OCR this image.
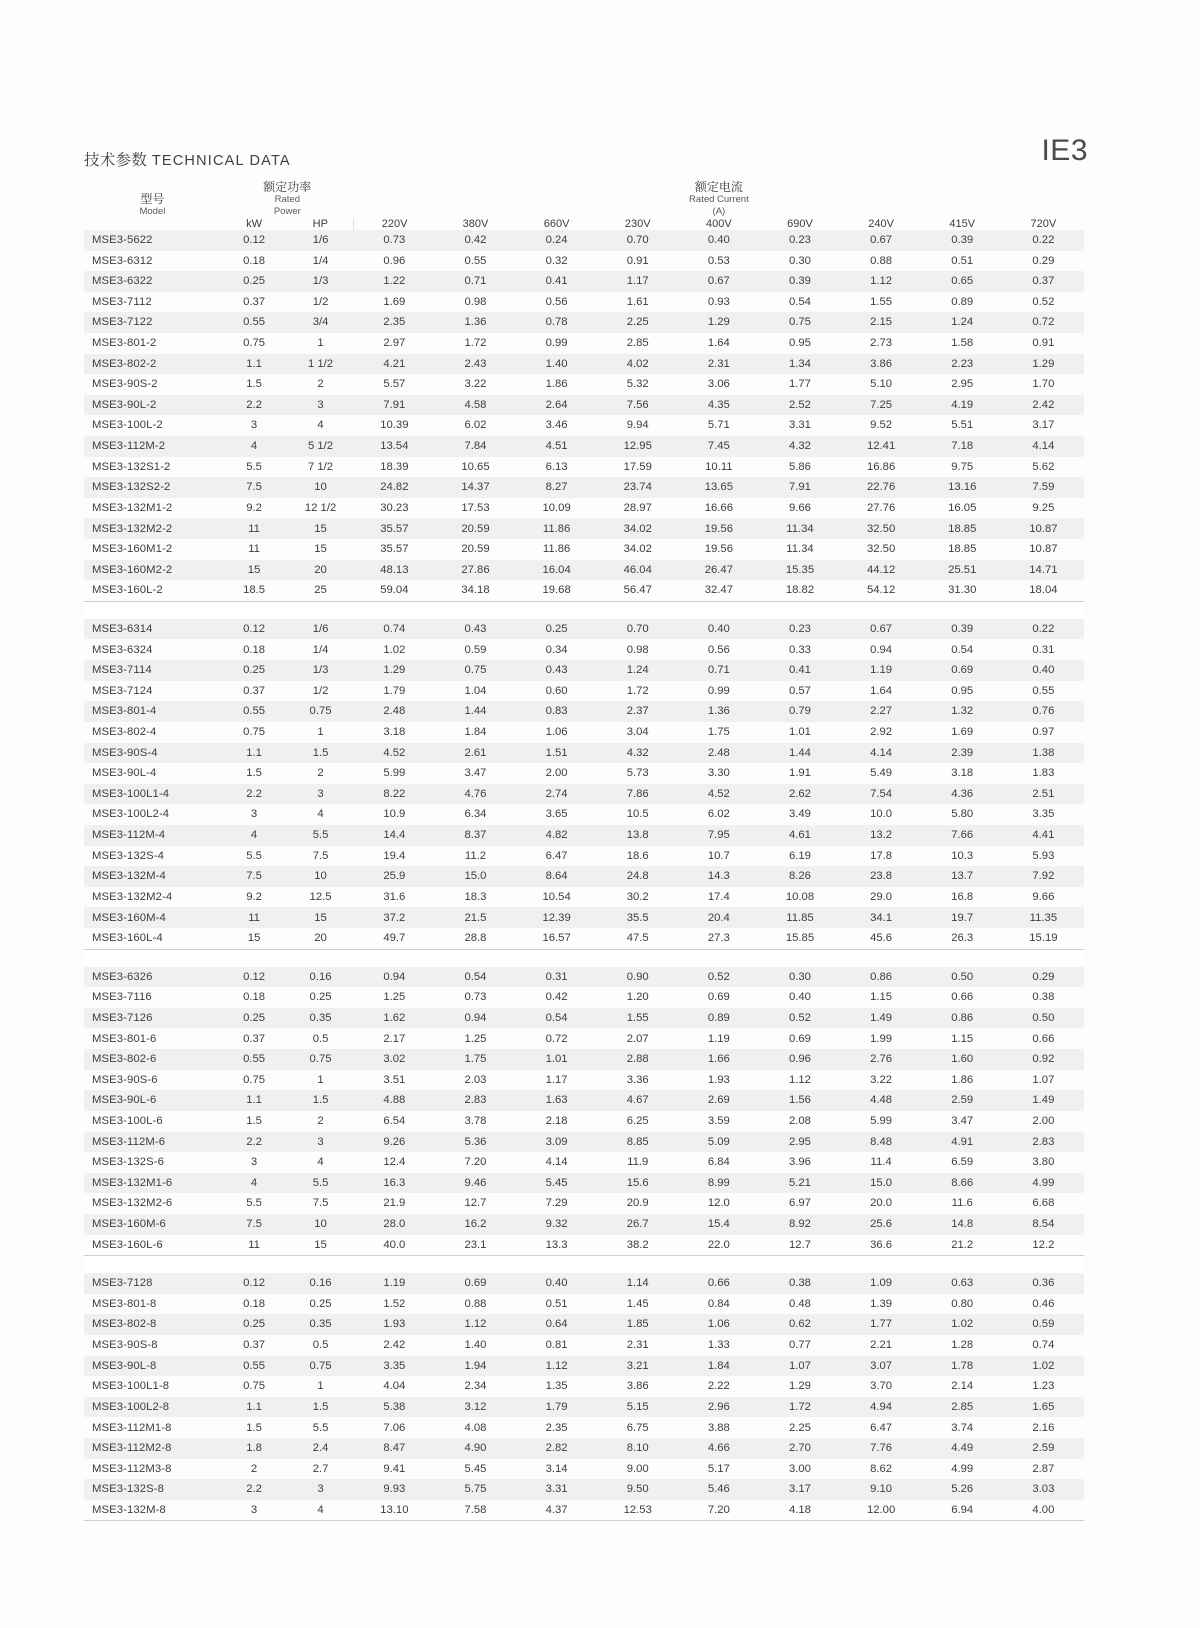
技术参数 TECHNICAL DATA	IE3
型号
Model	额定功率
Rated
Power		额定电流
Rated Current
(A)								

	kW	HP	220V	380V	660V	230V	400V	690V	240V	415V	720V
MSE3-5622	0.12	1/6	0.73	0.42	0.24	0.70	0.40	0.23	0.67	0.39	0.22
MSE3-6312	0.18	1/4	0.96	0.55	0.32	0.91	0.53	0.30	0.88	0.51	0.29
MSE3-6322	0.25	1/3	1.22	0.71	0.41	1.17	0.67	0.39	1.12	0.65	0.37
MSE3-7112	0.37	1/2	1.69	0.98	0.56	1.61	0.93	0.54	1.55	0.89	0.52
MSE3-7122	0.55	3/4	2.35	1.36	0.78	2.25	1.29	0.75	2.15	1.24	0.72
MSE3-801-2	0.75	1	2.97	1.72	0.99	2.85	1.64	0.95	2.73	1.58	0.91
MSE3-802-2	1.1	1 1/2	4.21	2.43	1.40	4.02	2.31	1.34	3.86	2.23	1.29
MSE3-90S-2	1.5	2	5.57	3.22	1.86	5.32	3.06	1.77	5.10	2.95	1.70
MSE3-90L-2	2.2	3	7.91	4.58	2.64	7.56	4.35	2.52	7.25	4.19	2.42
MSE3-100L-2	3	4	10.39	6.02	3.46	9.94	5.71	3.31	9.52	5.51	3.17
MSE3-112M-2	4	5 1/2	13.54	7.84	4.51	12.95	7.45	4.32	12.41	7.18	4.14
MSE3-132S1-2	5.5	7 1/2	18.39	10.65	6.13	17.59	10.11	5.86	16.86	9.75	5.62
MSE3-132S2-2	7.5	10	24.82	14.37	8.27	23.74	13.65	7.91	22.76	13.16	7.59
MSE3-132M1-2	9.2	12 1/2	30.23	17.53	10.09	28.97	16.66	9.66	27.76	16.05	9.25
MSE3-132M2-2	11	15	35.57	20.59	11.86	34.02	19.56	11.34	32.50	18.85	10.87
MSE3-160M1-2	11	15	35.57	20.59	11.86	34.02	19.56	11.34	32.50	18.85	10.87
MSE3-160M2-2	15	20	48.13	27.86	16.04	46.04	26.47	15.35	44.12	25.51	14.71
MSE3-160L-2	18.5	25	59.04	34.18	19.68	56.47	32.47	18.82	54.12	31.30	18.04

MSE3-6314	0.12	1/6	0.74	0.43	0.25	0.70	0.40	0.23	0.67	0.39	0.22
MSE3-6324	0.18	1/4	1.02	0.59	0.34	0.98	0.56	0.33	0.94	0.54	0.31
MSE3-7114	0.25	1/3	1.29	0.75	0.43	1.24	0.71	0.41	1.19	0.69	0.40
MSE3-7124	0.37	1/2	1.79	1.04	0.60	1.72	0.99	0.57	1.64	0.95	0.55
MSE3-801-4	0.55	0.75	2.48	1.44	0.83	2.37	1.36	0.79	2.27	1.32	0.76
MSE3-802-4	0.75	1	3.18	1.84	1.06	3.04	1.75	1.01	2.92	1.69	0.97
MSE3-90S-4	1.1	1.5	4.52	2.61	1.51	4.32	2.48	1.44	4.14	2.39	1.38
MSE3-90L-4	1.5	2	5.99	3.47	2.00	5.73	3.30	1.91	5.49	3.18	1.83
MSE3-100L1-4	2.2	3	8.22	4.76	2.74	7.86	4.52	2.62	7.54	4.36	2.51
MSE3-100L2-4	3	4	10.9	6.34	3.65	10.5	6.02	3.49	10.0	5.80	3.35
MSE3-112M-4	4	5.5	14.4	8.37	4.82	13.8	7.95	4.61	13.2	7.66	4.41
MSE3-132S-4	5.5	7.5	19.4	11.2	6.47	18.6	10.7	6.19	17.8	10.3	5.93
MSE3-132M-4	7.5	10	25.9	15.0	8.64	24.8	14.3	8.26	23.8	13.7	7.92
MSE3-132M2-4	9.2	12.5	31.6	18.3	10.54	30.2	17.4	10.08	29.0	16.8	9.66
MSE3-160M-4	11	15	37.2	21.5	12.39	35.5	20.4	11.85	34.1	19.7	11.35
MSE3-160L-4	15	20	49.7	28.8	16.57	47.5	27.3	15.85	45.6	26.3	15.19

MSE3-6326	0.12	0.16	0.94	0.54	0.31	0.90	0.52	0.30	0.86	0.50	0.29
MSE3-7116	0.18	0.25	1.25	0.73	0.42	1.20	0.69	0.40	1.15	0.66	0.38
MSE3-7126	0.25	0.35	1.62	0.94	0.54	1.55	0.89	0.52	1.49	0.86	0.50
MSE3-801-6	0.37	0.5	2.17	1.25	0.72	2.07	1.19	0.69	1.99	1.15	0.66
MSE3-802-6	0.55	0.75	3.02	1.75	1.01	2.88	1.66	0.96	2.76	1.60	0.92
MSE3-90S-6	0.75	1	3.51	2.03	1.17	3.36	1.93	1.12	3.22	1.86	1.07
MSE3-90L-6	1.1	1.5	4.88	2.83	1.63	4.67	2.69	1.56	4.48	2.59	1.49
MSE3-100L-6	1.5	2	6.54	3.78	2.18	6.25	3.59	2.08	5.99	3.47	2.00
MSE3-112M-6	2.2	3	9.26	5.36	3.09	8.85	5.09	2.95	8.48	4.91	2.83
MSE3-132S-6	3	4	12.4	7.20	4.14	11.9	6.84	3.96	11.4	6.59	3.80
MSE3-132M1-6	4	5.5	16.3	9.46	5.45	15.6	8.99	5.21	15.0	8.66	4.99
MSE3-132M2-6	5.5	7.5	21.9	12.7	7.29	20.9	12.0	6.97	20.0	11.6	6.68
MSE3-160M-6	7.5	10	28.0	16.2	9.32	26.7	15.4	8.92	25.6	14.8	8.54
MSE3-160L-6	11	15	40.0	23.1	13.3	38.2	22.0	12.7	36.6	21.2	12.2

MSE3-7128	0.12	0.16	1.19	0.69	0.40	1.14	0.66	0.38	1.09	0.63	0.36
MSE3-801-8	0.18	0.25	1.52	0.88	0.51	1.45	0.84	0.48	1.39	0.80	0.46
MSE3-802-8	0.25	0.35	1.93	1.12	0.64	1.85	1.06	0.62	1.77	1.02	0.59
MSE3-90S-8	0.37	0.5	2.42	1.40	0.81	2.31	1.33	0.77	2.21	1.28	0.74
MSE3-90L-8	0.55	0.75	3.35	1.94	1.12	3.21	1.84	1.07	3.07	1.78	1.02
MSE3-100L1-8	0.75	1	4.04	2.34	1.35	3.86	2.22	1.29	3.70	2.14	1.23
MSE3-100L2-8	1.1	1.5	5.38	3.12	1.79	5.15	2.96	1.72	4.94	2.85	1.65
MSE3-112M1-8	1.5	5.5	7.06	4.08	2.35	6.75	3.88	2.25	6.47	3.74	2.16
MSE3-112M2-8	1.8	2.4	8.47	4.90	2.82	8.10	4.66	2.70	7.76	4.49	2.59
MSE3-112M3-8	2	2.7	9.41	5.45	3.14	9.00	5.17	3.00	8.62	4.99	2.87
MSE3-132S-8	2.2	3	9.93	5.75	3.31	9.50	5.46	3.17	9.10	5.26	3.03
MSE3-132M-8	3	4	13.10	7.58	4.37	12.53	7.20	4.18	12.00	6.94	4.00
